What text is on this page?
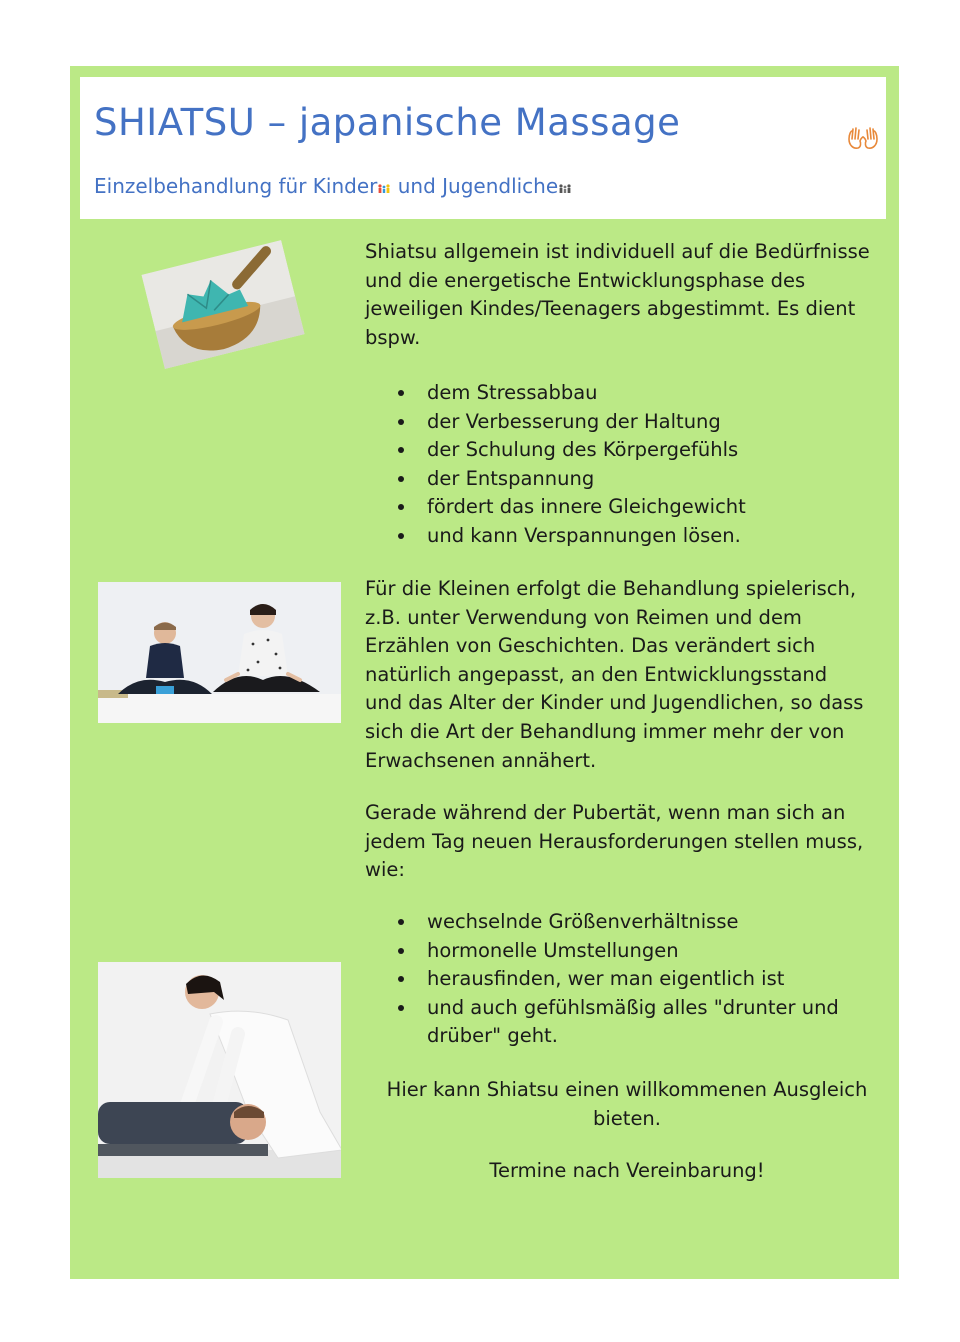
SHIATSU – japanische Massage

Einzelbehandlung für Kinder und Jugendliche

Shiatsu allgemein ist individuell auf die Bedürfnisse und die energetische Entwicklungsphase des jeweiligen Kindes/Teenagers abgestimmt. Es dient bspw.

dem Stressabbau
der Verbesserung der Haltung
der Schulung des Körpergefühls
der Entspannung
fördert das innere Gleichgewicht
und kann Verspannungen lösen.

Für die Kleinen erfolgt die Behandlung spielerisch, z.B. unter Verwendung von Reimen und dem Erzählen von Geschichten. Das verändert sich natürlich angepasst, an den Entwicklungsstand und das Alter der Kinder und Jugendlichen, so dass sich die Art der Behandlung immer mehr der von Erwachsenen annähert.

Gerade während der Pubertät, wenn man sich an jedem Tag neuen Herausforderungen stellen muss, wie:

wechselnde Größenverhältnisse
hormonelle Umstellungen
herausfinden, wer man eigentlich ist
und auch gefühlsmäßig alles "drunter und drüber" geht.

Hier kann Shiatsu einen willkommenen Ausgleich bieten.

Termine nach Vereinbarung!
